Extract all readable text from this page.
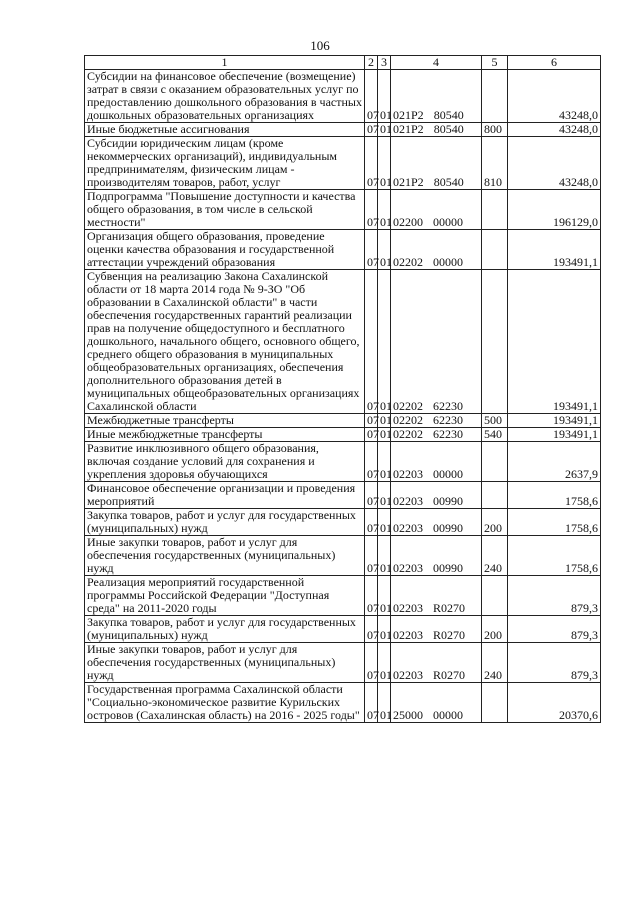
106
1	2	3	4	5	6
Субсидии на финансовое обеспечение (возмещение) затрат в связи с оказанием образовательных услуг по предоставлению дошкольного образования в частных дошкольных образовательных организациях	07	01	021P2 80540		43248,0
Иные бюджетные ассигнования	07	01	021P2 80540	800	43248,0
Субсидии юридическим лицам (кроме некоммерческих организаций), индивидуальным предпринимателям, физическим лицам - производителям товаров, работ, услуг	07	01	021P2 80540	810	43248,0
Подпрограмма "Повышение доступности и качества общего образования, в том числе в сельской местности"	07	01	02200 00000		196129,0
Организация общего образования, проведение оценки качества образования и государственной аттестации учреждений образования	07	01	02202 00000		193491,1
Субвенция на реализацию Закона Сахалинской области от 18 марта 2014 года № 9-ЗО "Об образовании в Сахалинской области" в части обеспечения государственных гарантий реализации прав на получение общедоступного и бесплатного дошкольного, начального общего, основного общего, среднего общего образования в муниципальных общеобразовательных организациях, обеспечения дополнительного образования детей в муниципальных общеобразовательных организациях Сахалинской области	07	01	02202 62230		193491,1
Межбюджетные трансферты	07	01	02202 62230	500	193491,1
Иные межбюджетные трансферты	07	01	02202 62230	540	193491,1
Развитие инклюзивного общего образования, включая создание условий для сохранения и укрепления здоровья обучающихся	07	01	02203 00000		2637,9
Финансовое обеспечение организации и проведения мероприятий	07	01	02203 00990		1758,6
Закупка товаров, работ и услуг для государственных (муниципальных) нужд	07	01	02203 00990	200	1758,6
Иные закупки товаров, работ и услуг для обеспечения государственных (муниципальных) нужд	07	01	02203 00990	240	1758,6
Реализация мероприятий государственной программы Российской Федерации "Доступная среда" на 2011-2020 годы	07	01	02203 R0270		879,3
Закупка товаров, работ и услуг для государственных (муниципальных) нужд	07	01	02203 R0270	200	879,3
Иные закупки товаров, работ и услуг для обеспечения государственных (муниципальных) нужд	07	01	02203 R0270	240	879,3
Государственная программа Сахалинской области "Социально-экономическое развитие Курильских островов (Сахалинская область) на 2016 - 2025 годы"	07	01	25000 00000		20370,6
